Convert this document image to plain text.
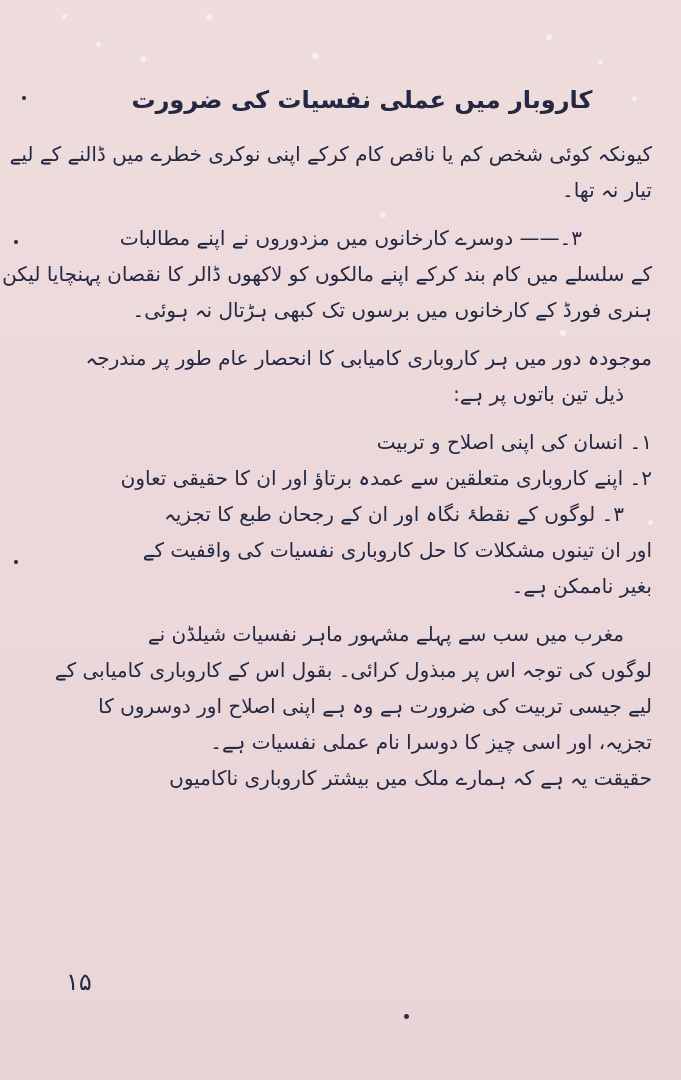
کاروبار میں عملی نفسیات کی ضرورت

کیونکہ کوئی شخص کم یا ناقص کام کرکے اپنی نوکری خطرے میں ڈالنے کے لیے

تیار نہ تھا۔

۳۔—— دوسرے کارخانوں میں مزدوروں نے اپنے مطالبات

کے سلسلے میں کام بند کرکے اپنے مالکوں کو لاکھوں ڈالر کا نقصان پہنچایا لیکن

ہنری فورڈ کے کارخانوں میں برسوں تک کبھی ہڑتال نہ ہوئی۔

موجودہ دور میں ہر کاروباری کامیابی کا انحصار عام طور پر مندرجہ

ذیل تین باتوں پر ہے:

۱۔ انسان کی اپنی اصلاح و تربیت

۲۔ اپنے کاروباری متعلقین سے عمدہ برتاؤ اور ان کا حقیقی تعاون

۳۔ لوگوں کے نقطۂ نگاہ اور ان کے رجحان طبع کا تجزیہ

اور ان تینوں مشکلات کا حل کاروباری نفسیات کی واقفیت کے

بغیر ناممکن ہے۔

مغرب میں سب سے پہلے مشہور ماہر نفسیات شیلڈن نے

لوگوں کی توجہ اس پر مبذول کرائی۔ بقول اس کے کاروباری کامیابی کے

لیے جیسی تربیت کی ضرورت ہے وہ ہے اپنی اصلاح اور دوسروں کا

تجزیہ، اور اسی چیز کا دوسرا نام عملی نفسیات ہے۔

حقیقت یہ ہے کہ ہمارے ملک میں بیشتر کاروباری ناکامیوں

۱۵
